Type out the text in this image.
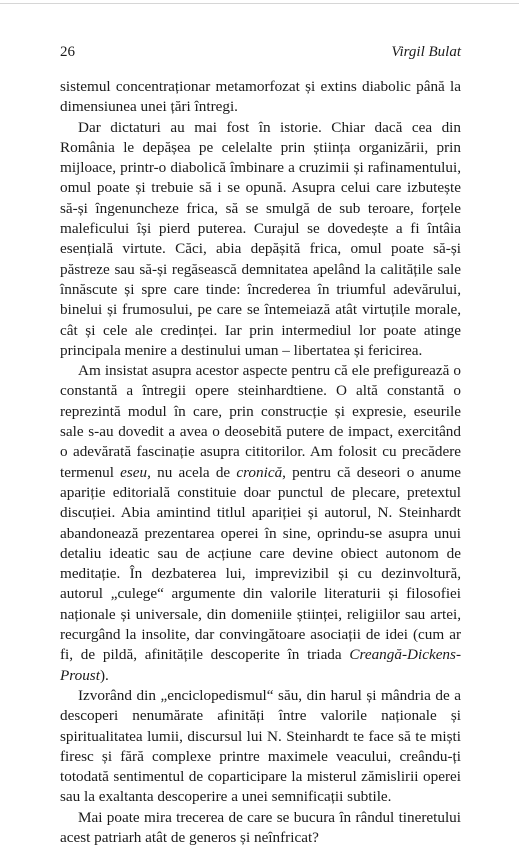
26	Virgil Bulat

sistemul concentraționar metamorfozat și extins diabolic până la dimensiunea unei țări întregi.

Dar dictaturi au mai fost în istorie. Chiar dacă cea din România le depășea pe celelalte prin știința organizării, prin mijloace, printr-o diabolică îmbinare a cruzimii și rafinamentului, omul poate și trebuie să i se opună. Asupra celui care izbutește să-și îngenuncheze frica, să se smulgă de sub teroare, forțele maleficului își pierd puterea. Curajul se dovedește a fi întâia esențială virtute. Căci, abia depășită frica, omul poate să-și păstreze sau să-și regăsească demnitatea apelând la calitățile sale înnăscute și spre care tinde: încrederea în triumful adevărului, binelui și frumosului, pe care se întemeiază atât virtuțile morale, cât și cele ale credinței. Iar prin intermediul lor poate atinge principala menire a destinului uman – libertatea și fericirea.

Am insistat asupra acestor aspecte pentru că ele prefigurează o constantă a întregii opere steinhardtiene. O altă constantă o reprezintă modul în care, prin construcție și expresie, eseurile sale s-au dovedit a avea o deosebită putere de impact, exercitând o adevărată fascinație asupra cititorilor. Am folosit cu precădere termenul eseu, nu acela de cronică, pentru că deseori o anume apariție editorială constituie doar punctul de plecare, pretextul discuției. Abia amintind titlul apariției și autorul, N. Steinhardt abandonează prezentarea operei în sine, oprindu-se asupra unui detaliu ideatic sau de acțiune care devine obiect autonom de meditație. În dezbaterea lui, imprevizibil și cu dezinvoltură, autorul „culege“ argumente din valorile literaturii și filosofiei naționale și universale, din domeniile științei, religiilor sau artei, recurgând la insolite, dar convingătoare asociații de idei (cum ar fi, de pildă, afinitățile descoperite în triada Creangă-Dickens-Proust).

Izvorând din „enciclopedismul“ său, din harul și mândria de a descoperi nenumărate afinități între valorile naționale și spiritualitatea lumii, discursul lui N. Steinhardt te face să te miști firesc și fără complexe printre maximele veacului, creându-ți totodată sentimentul de coparticipare la misterul zămislirii operei sau la exaltanta descoperire a unei semnificații subtile.

Mai poate mira trecerea de care se bucura în rândul tineretului acest patriarh atât de generos și neînfricat?
